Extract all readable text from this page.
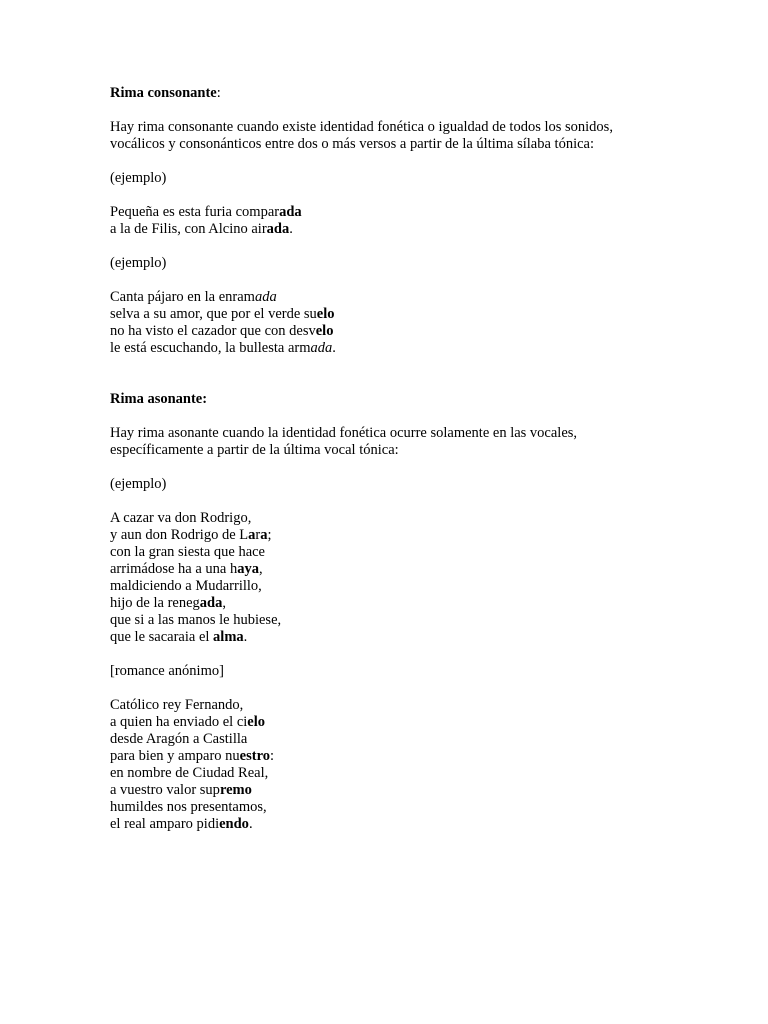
Rima consonante:

Hay rima consonante cuando existe identidad fonética o igualdad de todos los sonidos,

vocálicos y consonánticos entre dos o más versos a partir de la última sílaba tónica:

(ejemplo)

Pequeña es esta furia comparada

a la de Filis, con Alcino airada.

(ejemplo)

Canta pájaro en la enramada

selva a su amor, que por el verde suelo

no ha visto el cazador que con desvelo

le está escuchando, la bullesta armada.

Rima asonante:

Hay rima asonante cuando la identidad fonética ocurre solamente en las vocales,

específicamente a partir de la última vocal tónica:

(ejemplo)

A cazar va don Rodrigo,

y aun don Rodrigo de Lara;

con la gran siesta que hace

arrimádose ha a una haya,

maldiciendo a Mudarrillo,

hijo de la renegada,

que si a las manos le hubiese,

que le sacaraia el alma.

[romance anónimo]

Católico rey Fernando,

a quien ha enviado el cielo

desde Aragón a Castilla

para bien y amparo nuestro:

en nombre de Ciudad Real,

a vuestro valor supremo

humildes nos presentamos,

el real amparo pidiendo.
